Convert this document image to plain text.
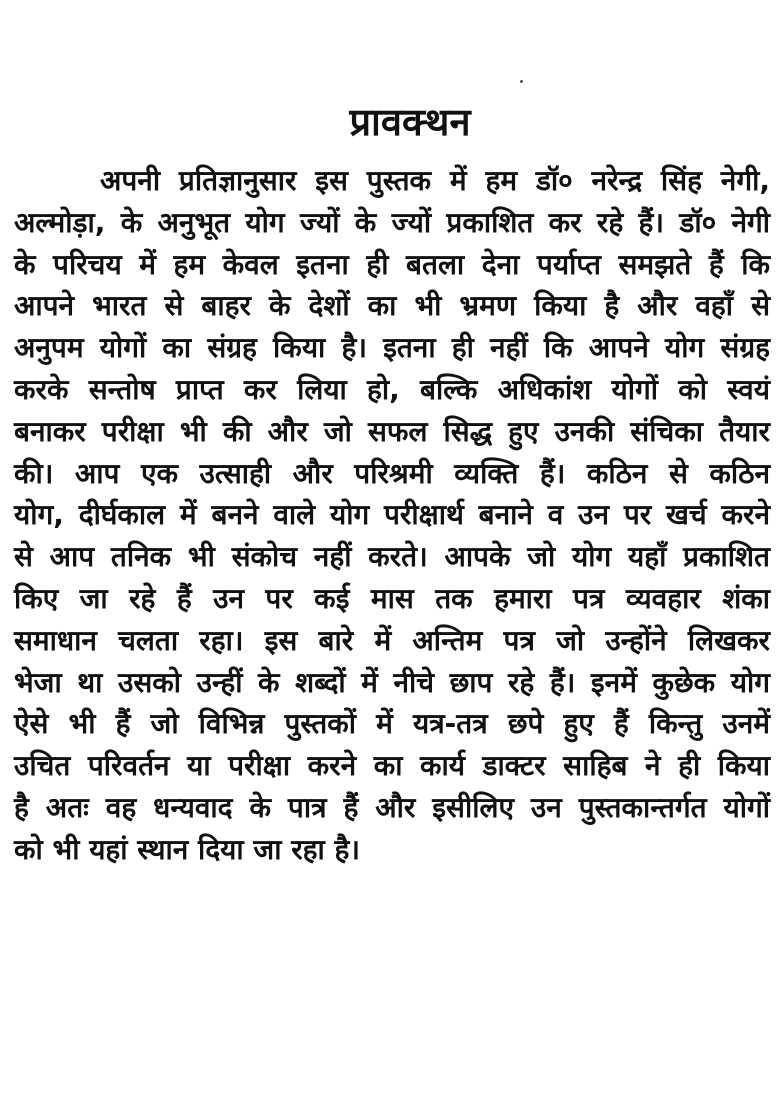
प्रावक्थन
अपनी प्रतिज्ञानुसार इस पुस्तक में हम डॉ० नरेन्द्र सिंह नेगी,
अल्मोड़ा, के अनुभूत योग ज्यों के ज्यों प्रकाशित कर रहे हैं। डॉ० नेगी
के परिचय में हम केवल इतना ही बतला देना पर्याप्त समझते हैं कि
आपने भारत से बाहर के देशों का भी भ्रमण किया है और वहाँ से
अनुपम योगों का संग्रह किया है। इतना ही नहीं कि आपने योग संग्रह
करके सन्तोष प्राप्त कर लिया हो, बल्कि अधिकांश योगों को स्वयं
बनाकर परीक्षा भी की और जो सफल सिद्ध हुए उनकी संचिका तैयार
की। आप एक उत्साही और परिश्रमी व्यक्ति हैं। कठिन से कठिन
योग, दीर्घकाल में बनने वाले योग परीक्षार्थ बनाने व उन पर खर्च करने
से आप तनिक भी संकोच नहीं करते। आपके जो योग यहाँ प्रकाशित
किए जा रहे हैं उन पर कई मास तक हमारा पत्र व्यवहार शंका
समाधान चलता रहा। इस बारे में अन्तिम पत्र जो उन्होंने लिखकर
भेजा था उसको उन्हीं के शब्दों में नीचे छाप रहे हैं। इनमें कुछेक योग
ऐसे भी हैं जो विभिन्न पुस्तकों में यत्र-तत्र छपे हुए हैं किन्तु उनमें
उचित परिवर्तन या परीक्षा करने का कार्य डाक्टर साहिब ने ही किया
है अतः वह धन्यवाद के पात्र हैं और इसीलिए उन पुस्तकान्तर्गत योगों
को भी यहां स्थान दिया जा रहा है।
